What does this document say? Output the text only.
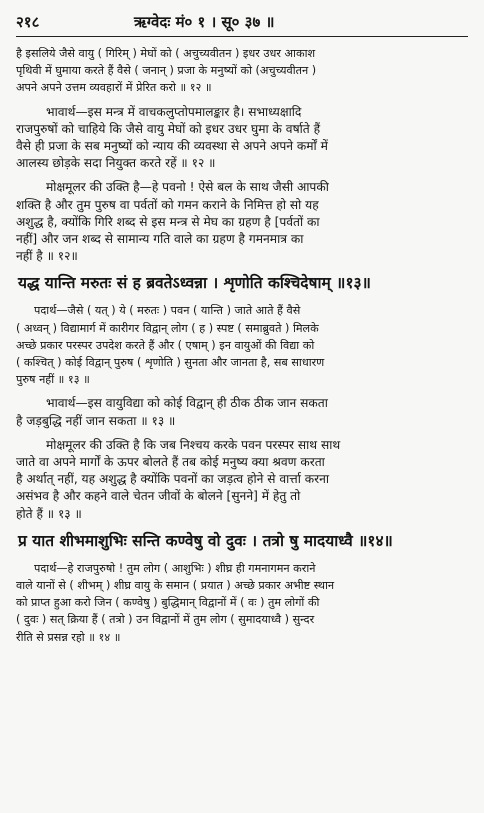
२१८	ऋग्वेदः मं० १ । सू० ३७ ॥
है इसलिये जैसे वायु ( गिरिम् ) मेघों को ( अचुच्यवीतन ) इधर उधर आकाश
पृथिवी में घुमाया करते हैं वैसे ( जनान् ) प्रजा के मनुष्यों को (अचुच्यवीतन )
अपने अपने उत्तम व्यवहारों में प्रेरित करो ॥ १२ ॥
भावार्थ—इस मन्त्र में वाचकलुप्तोपमालङ्कार है। सभाध्यक्षादि
राजपुरुषों को चाहिये कि जैसे वायु मेघों को इधर उधर घुमा के वर्षाते हैं
वैसे ही प्रजा के सब मनुष्यों को न्याय की व्यवस्था से अपने अपने कर्मों में
आलस्य छोड़के सदा नियुक्त करते रहें ॥ १२ ॥
मोक्षमूलर की उक्ति है—हे पवनो ! ऐसे बल के साथ जैसी आपकी
शक्ति है और तुम पुरुष वा पर्वतों को गमन कराने के निमित्त हो सो यह
अशुद्ध है, क्योंकि गिरि शब्द से इस मन्त्र से मेघ का ग्रहण है [पर्वतों का
नहीं] और जन शब्द से सामान्य गति वाले का ग्रहण है गमनमात्र का
नहीं है ॥ १२॥
यद्ध यान्ति मरुतः सं ह ब्रवतेऽध्वन्ना । शृणोति कश्चिदेषाम् ॥१३॥
पदार्थ—जैसे ( यत् ) ये ( मरुतः ) पवन ( यान्ति ) जाते आते हैं वैसे
( अध्वन् ) विद्यामार्ग में कारीगर विद्वान् लोग ( ह ) स्पष्ट ( समाब्रुवते ) मिलके
अच्छे प्रकार परस्पर उपदेश करते हैं और ( एषाम् ) इन वायुओं की विद्या को
( कश्चित् ) कोई विद्वान् पुरुष ( शृणोति ) सुनता और जानता है, सब साधारण
पुरुष नहीं ॥ १३ ॥
भावार्थ—इस वायुविद्या को कोई विद्वान् ही ठीक ठीक जान सकता
है जड़बुद्धि नहीं जान सकता ॥ १३ ॥
मोक्षमूलर की उक्ति है कि जब निश्चय करके पवन परस्पर साथ साथ
जाते वा अपने मार्गों के ऊपर बोलते हैं तब कोई मनुष्य क्या श्रवण करता
है अर्थात् नहीं, यह अशुद्ध है क्योंकि पवनों का जड़त्व होने से वार्त्ता करना
असंभव है और कहने वाले चेतन जीवों के बोलने [सुनने] में हेतु तो
होते हैं ॥ १३ ॥
प्र यात शीभमाशुभिः सन्ति कण्वेषु वो दुवः । तत्रो षु मादयाध्वै ॥१४॥
पदार्थ—हे राजपुरुषो ! तुम लोग ( आशुभिः ) शीघ्र ही गमनागमन कराने
वाले यानों से ( शीभम् ) शीघ्र वायु के समान ( प्रयात ) अच्छे प्रकार अभीष्ट स्थान
को प्राप्त हुआ करो जिन ( कण्वेषु ) बुद्धिमान् विद्वानों में ( वः ) तुम लोगों की
( दुवः ) सत् क्रिया हैं ( तत्रो ) उन विद्वानों में तुम लोग ( सुमादयाध्वै ) सुन्दर
रीति से प्रसन्न रहो ॥ १४ ॥
